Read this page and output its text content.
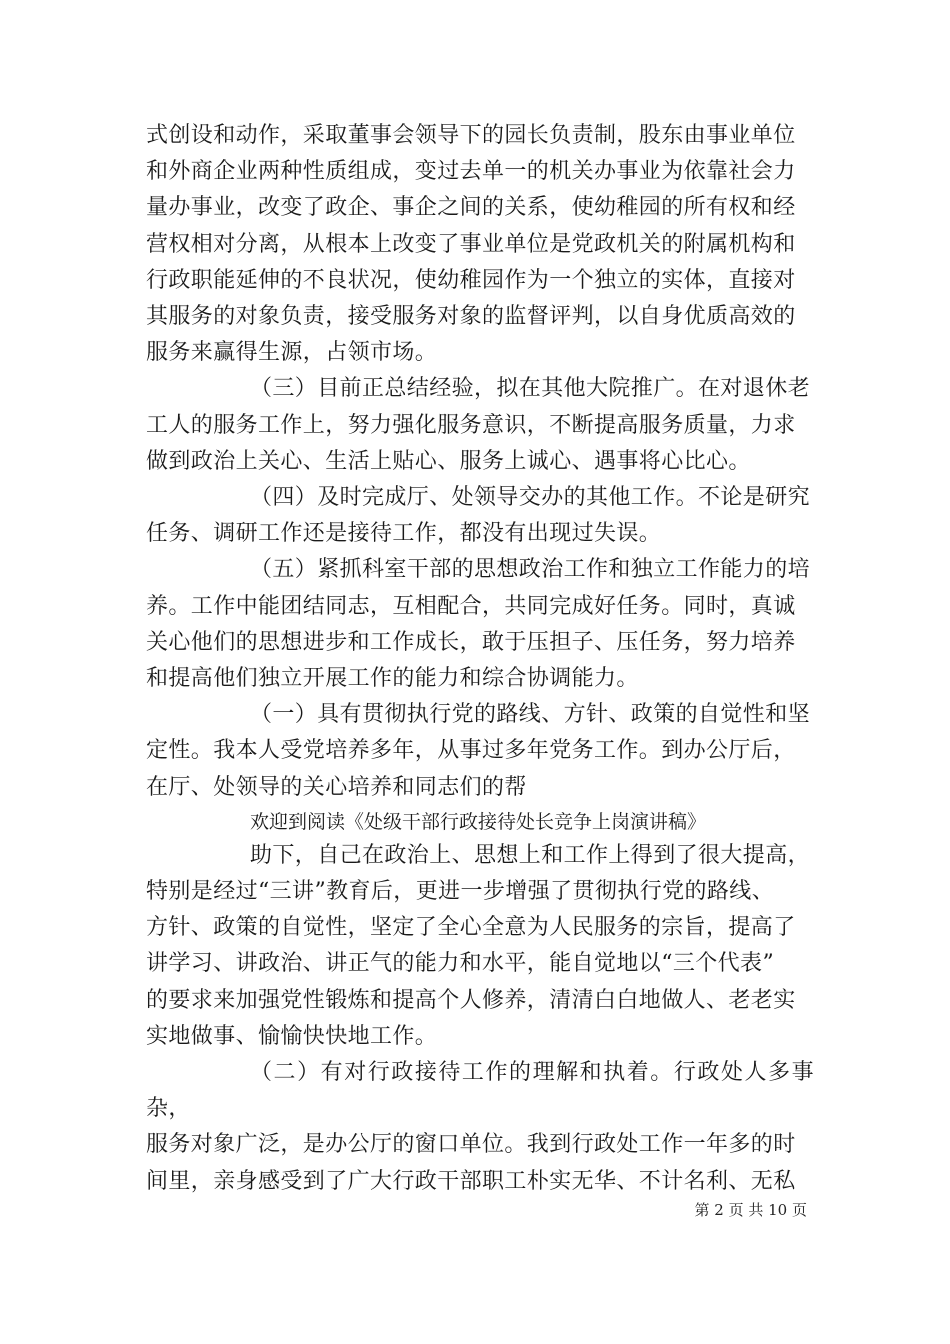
式创设和动作，采取董事会领导下的园长负责制，股东由事业单位
和外商企业两种性质组成，变过去单一的机关办事业为依靠社会力
量办事业，改变了政企、事企之间的关系，使幼稚园的所有权和经
营权相对分离，从根本上改变了事业单位是党政机关的附属机构和
行政职能延伸的不良状况，使幼稚园作为一个独立的实体，直接对
其服务的对象负责，接受服务对象的监督评判，以自身优质高效的
服务来赢得生源，占领市场。

（三）目前正总结经验，拟在其他大院推广。在对退休老
工人的服务工作上，努力强化服务意识，不断提高服务质量，力求
做到政治上关心、生活上贴心、服务上诚心、遇事将心比心。

（四）及时完成厅、处领导交办的其他工作。不论是研究
任务、调研工作还是接待工作，都没有出现过失误。

（五）紧抓科室干部的思想政治工作和独立工作能力的培
养。工作中能团结同志，互相配合，共同完成好任务。同时，真诚
关心他们的思想进步和工作成长，敢于压担子、压任务，努力培养
和提高他们独立开展工作的能力和综合协调能力。

（一）具有贯彻执行党的路线、方针、政策的自觉性和坚
定性。我本人受党培养多年，从事过多年党务工作。到办公厅后，
在厅、处领导的关心培养和同志们的帮

欢迎到阅读《处级干部行政接待处长竞争上岗演讲稿》

助下，自己在政治上、思想上和工作上得到了很大提高，
特别是经过“三讲”教育后，更进一步增强了贯彻执行党的路线、
方针、政策的自觉性，坚定了全心全意为人民服务的宗旨，提高了
讲学习、讲政治、讲正气的能力和水平，能自觉地以“三个代表”
的要求来加强党性锻炼和提高个人修养，清清白白地做人、老老实
实地做事、愉愉快快地工作。

（二）有对行政接待工作的理解和执着。行政处人多事杂，
服务对象广泛，是办公厅的窗口单位。我到行政处工作一年多的时
间里，亲身感受到了广大行政干部职工朴实无华、不计名利、无私

第 2 页 共 10 页
